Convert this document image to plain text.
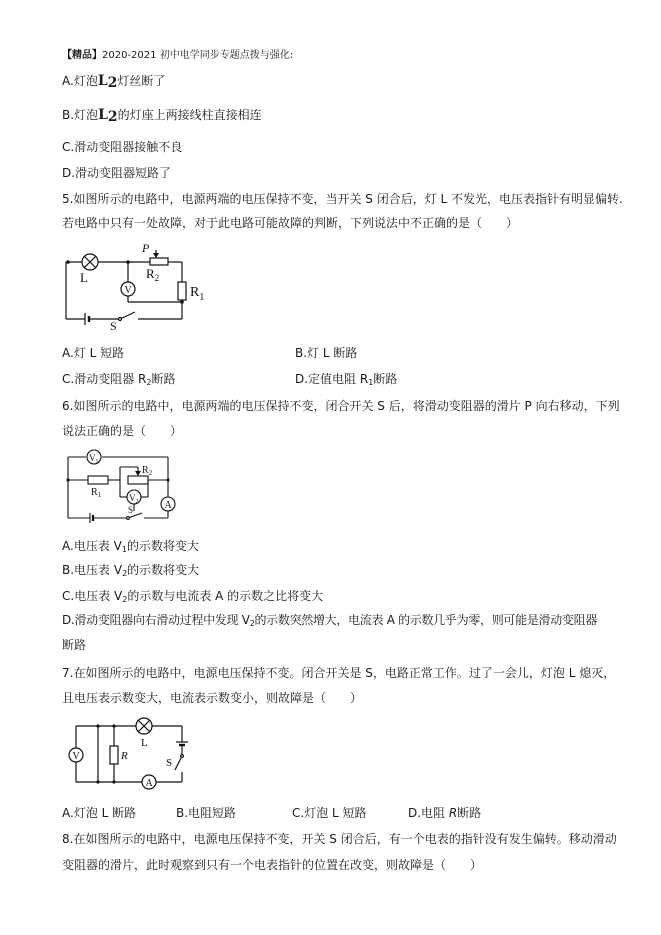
【精品】2020-2021 初中电学同步专题点拨与强化:
A.灯泡$L_2$灯丝断了
B.灯泡$L_2$的灯座上两接线柱直接相连
C.滑动变阻器接触不良
D.滑动变阻器短路了
5.如图所示的电路中，电源两端的电压保持不变，当开关 S 闭合后，灯 L 不发光，电压表指针有明显偏转.
若电路中只有一处故障，对于此电路可能故障的判断，下列说法中不正确的是（　　）
P
$R_2$
L
V	$R_1$
S
A.灯 L 短路	B.灯 L 断路
C.滑动变阻器 $R_2$断路	D.定值电阻 $R_1$断路
6.如图所示的电路中，电源两端的电压保持不变，闭合开关 S 后，将滑动变阻器的滑片 P 向右移动，下列
说法正确的是（　　）
$V_1$
$R_2$
$R_1$	$V_2$	A
S
A.电压表 $V_1$的示数将变大
B.电压表 $V_2$的示数将变大
C.电压表 $V_2$的示数与电流表 A 的示数之比将变大
D.滑动变阻器向右滑动过程中发现 $V_2$的示数突然增大，电流表 A 的示数几乎为零，则可能是滑动变阻器
断路
7.在如图所示的电路中，电源电压保持不变。闭合开关是 S，电路正常工作。过了一会儿，灯泡 L 熄灭，
且电压表示数变大，电流表示数变小，则故障是（　　）
V
L
R
S
A
A.灯泡 L 断路	B.电阻短路	C.灯泡 L 短路	D.电阻 R断路
8.在如图所示的电路中，电源电压保持不变，开关 S 闭合后，有一个电表的指针没有发生偏转。移动滑动
变阻器的滑片，此时观察到只有一个电表指针的位置在改变，则故障是（　　）
